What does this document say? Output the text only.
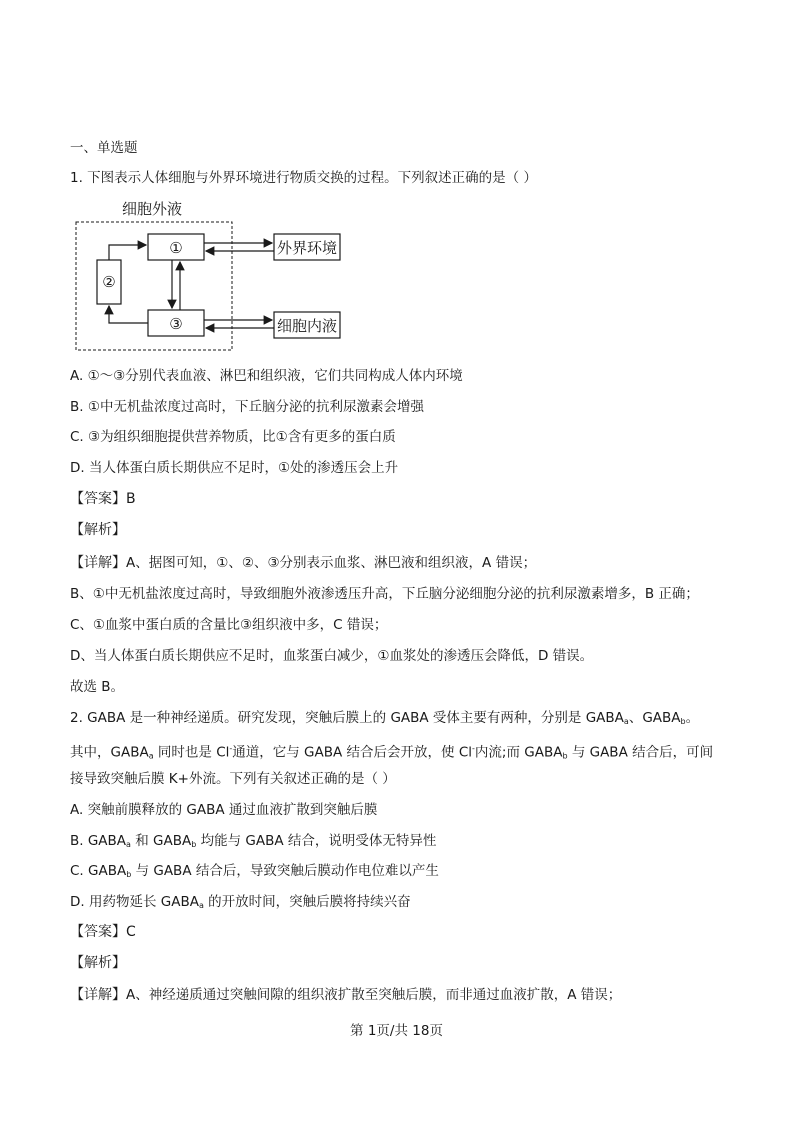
一、单选题
1. 下图表示人体细胞与外界环境进行物质交换的过程。下列叙述正确的是（ ）
细胞外液
①
②
③
外界环境
细胞内液
A. ①～③分别代表血液、淋巴和组织液，它们共同构成人体内环境
B. ①中无机盐浓度过高时，下丘脑分泌的抗利尿激素会增强
C. ③为组织细胞提供营养物质，比①含有更多的蛋白质
D. 当人体蛋白质长期供应不足时，①处的渗透压会上升
【答案】B
【解析】
【详解】A、据图可知，①、②、③分别表示血浆、淋巴液和组织液，A 错误；
B、①中无机盐浓度过高时，导致细胞外液渗透压升高，下丘脑分泌细胞分泌的抗利尿激素增多，B 正确；
C、①血浆中蛋白质的含量比③组织液中多，C 错误；
D、当人体蛋白质长期供应不足时，血浆蛋白减少，①血浆处的渗透压会降低，D 错误。
故选 B。
2. GABA 是一种神经递质。研究发现，突触后膜上的 GABA 受体主要有两种，分别是 $GABA_a$、$GABA_b$。
其中，$GABA_a$ 同时也是 Cl-通道，它与 GABA 结合后会开放，使 Cl-内流;而 $GABA_b$ 与 GABA 结合后，可间
接导致突触后膜 K+外流。下列有关叙述正确的是（ ）
A. 突触前膜释放的 GABA 通过血液扩散到突触后膜
B. $GABA_a$ 和 $GABA_b$ 均能与 GABA 结合，说明受体无特异性
C. $GABA_b$ 与 GABA 结合后，导致突触后膜动作电位难以产生
D. 用药物延长 $GABA_a$ 的开放时间，突触后膜将持续兴奋
【答案】C
【解析】
【详解】A、神经递质通过突触间隙的组织液扩散至突触后膜，而非通过血液扩散，A 错误；
第 1页/共 18页
